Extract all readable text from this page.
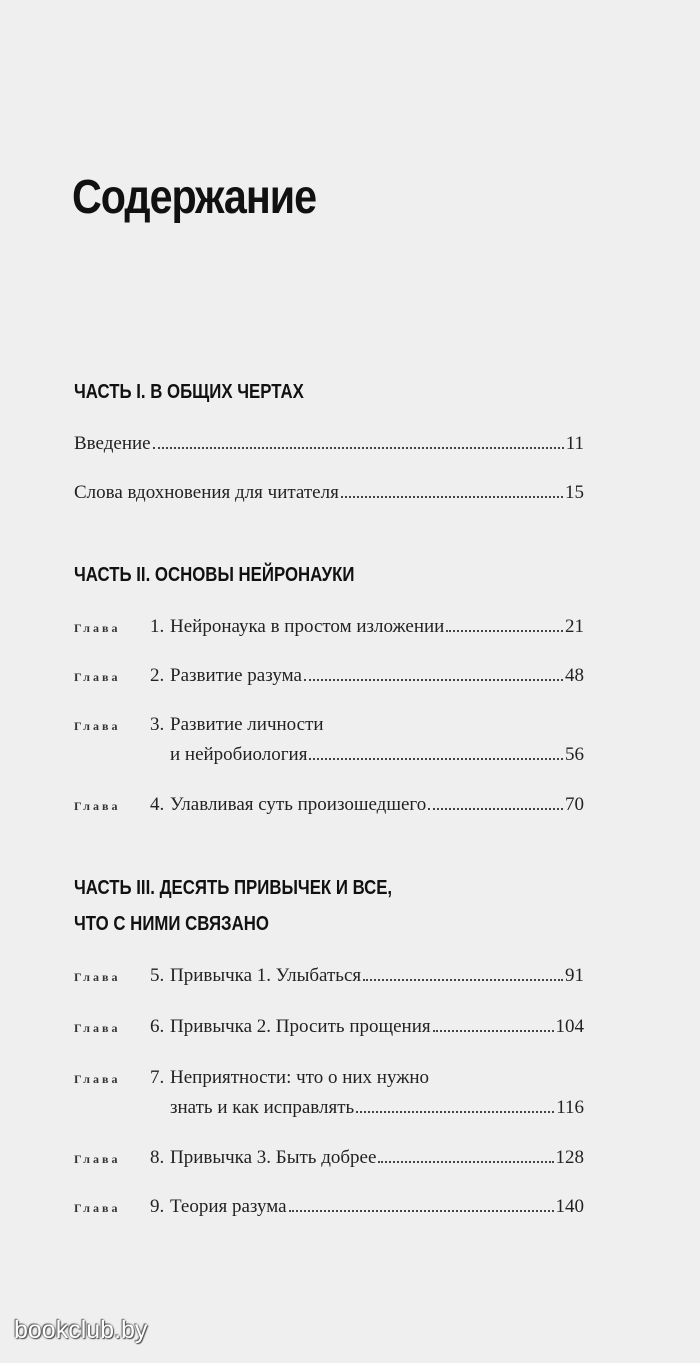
Содержание
ЧАСТЬ I. В ОБЩИХ ЧЕРТАХ
Введение	11
Слова вдохновения для читателя	15
ЧАСТЬ II. ОСНОВЫ НЕЙРОНАУКИ
Глава	1. Нейронаука в простом изложении	21
Глава	2. Развитие разума	48
Глава	3. Развитие личности
и нейробиология	56
Глава	4. Улавливая суть произошедшего	70
ЧАСТЬ III. ДЕСЯТЬ ПРИВЫЧЕК И ВСЕ,
ЧТО С НИМИ СВЯЗАНО
Глава	5. Привычка 1. Улыбаться	91
Глава	6. Привычка 2. Просить прощения	104
Глава	7. Неприятности: что о них нужно
знать и как исправлять	116
Глава	8. Привычка 3. Быть добрее	128
Глава	9. Теория разума	140
bookclub.by
